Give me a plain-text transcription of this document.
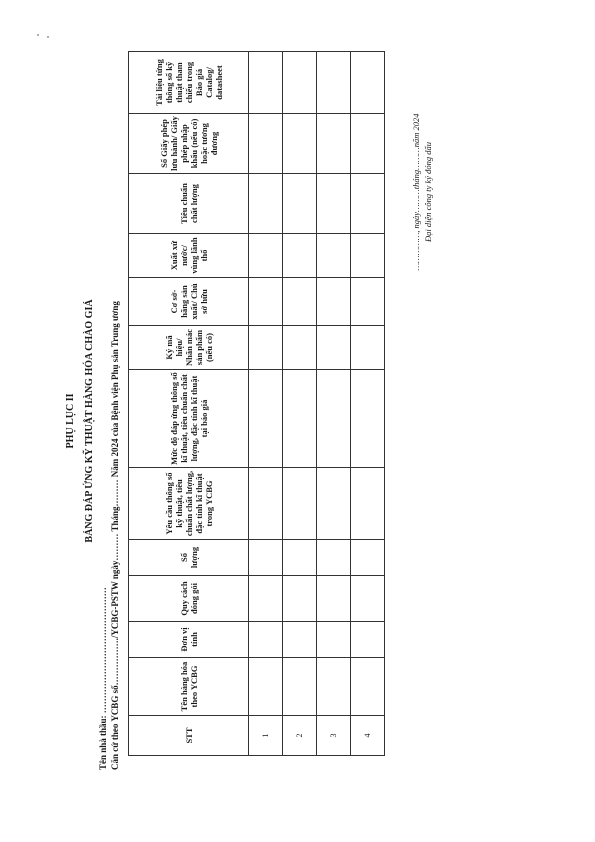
PHỤ LỤC II BẢNG ĐÁP ỨNG KỸ THUẬT HÀNG HÓA CHÀO GIÁ
Tên nhà thầu: …………………………………… Căn cứ theo YCBG số……………./YCBG-PSTW ngày……… Tháng……… Năm 2024 của Bệnh viện Phụ sản Trung ương	STT	Tên hàng hóa theo YCBG	Đơn vị tính	Quy cách đóng gói	Số lượng	Yêu cầu thông số kỹ thuật, tiêu chuẩn chất lượng, đặc tính kĩ thuật trong YCBG	Mức độ đáp ứng thông số kĩ thuật, tiêu chuẩn chất lượng, đặc tính kĩ thuật tại báo giá	Ký mã hiệu/ Nhãn mác sản phẩm (nếu có)	Cơ sở- hãng sản xuất/ Chủ sở hữu	Xuất xứ nước/ vùng lãnh thổ	Tiêu chuẩn chất lượng	Số Giấy phép lưu hành/ Giấy phép nhập khẩu (nếu có) hoặc tương đương	Tài liệu từng thông số kỹ thuật tham chiếu trong Báo giá Catalog/ datasheet
1												
2												
3												
4												
……………, ngày………tháng………năm 2024 Đại diện công ty ký đóng dấu
